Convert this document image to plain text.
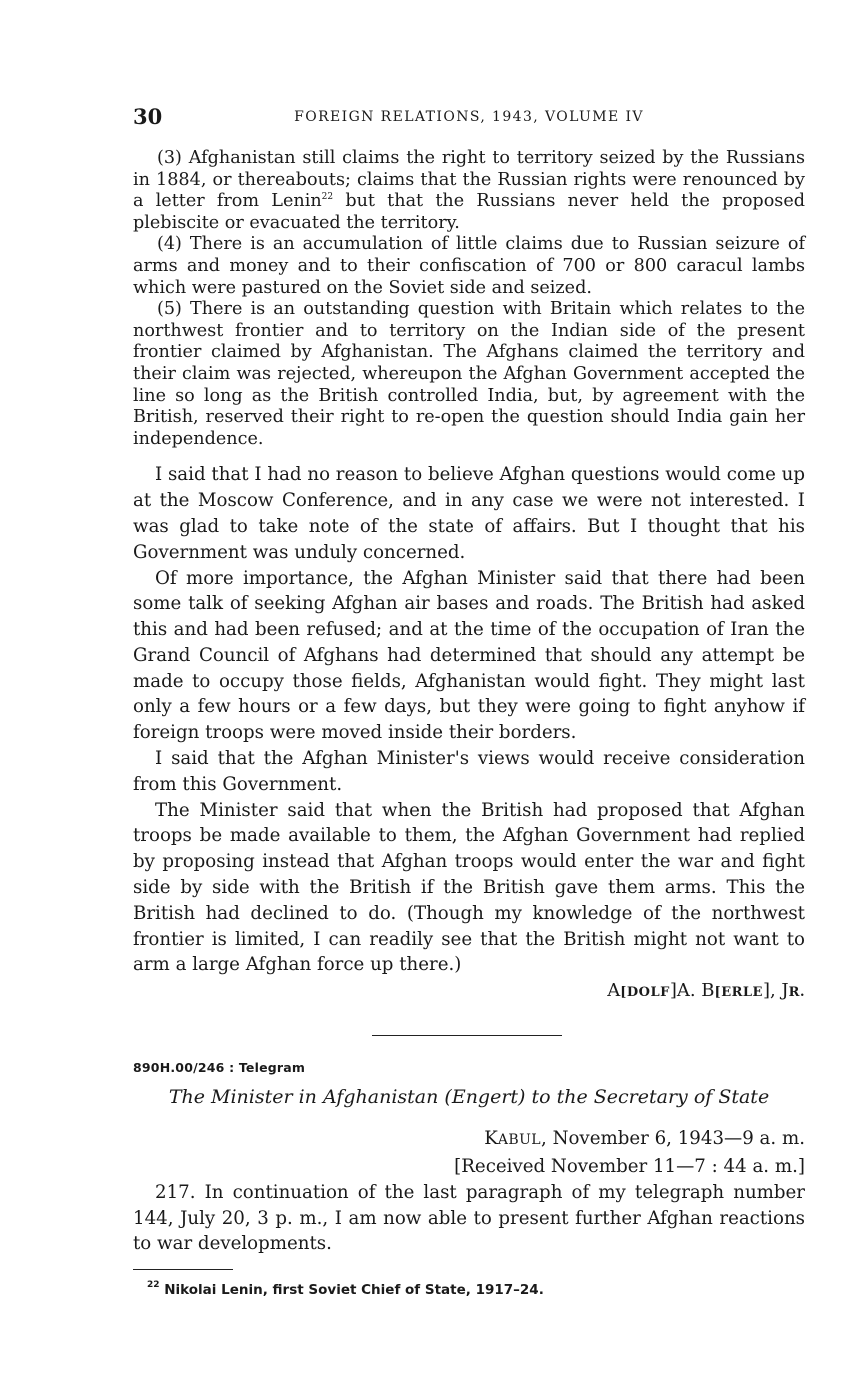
30	FOREIGN RELATIONS, 1943, VOLUME IV

(3) Afghanistan still claims the right to territory seized by the Russians in 1884, or thereabouts; claims that the Russian rights were renounced by a letter from Lenin$^{22}$ but that the Russians never held the proposed plebiscite or evacuated the territory.

(4) There is an accumulation of little claims due to Russian seizure of arms and money and to their confiscation of 700 or 800 caracul lambs which were pastured on the Soviet side and seized.

(5) There is an outstanding question with Britain which relates to the northwest frontier and to territory on the Indian side of the present frontier claimed by Afghanistan. The Afghans claimed the territory and their claim was rejected, whereupon the Afghan Government accepted the line so long as the British controlled India, but, by agreement with the British, reserved their right to re-open the question should India gain her independence.

I said that I had no reason to believe Afghan questions would come up at the Moscow Conference, and in any case we were not interested. I was glad to take note of the state of affairs. But I thought that his Government was unduly concerned.

Of more importance, the Afghan Minister said that there had been some talk of seeking Afghan air bases and roads. The British had asked this and had been refused; and at the time of the occupation of Iran the Grand Council of Afghans had determined that should any attempt be made to occupy those fields, Afghanistan would fight. They might last only a few hours or a few days, but they were going to fight anyhow if foreign troops were moved inside their borders.

I said that the Afghan Minister's views would receive consideration from this Government.

The Minister said that when the British had proposed that Afghan troops be made available to them, the Afghan Government had replied by proposing instead that Afghan troops would enter the war and fight side by side with the British if the British gave them arms. This the British had declined to do. (Though my knowledge of the northwest frontier is limited, I can readily see that the British might not want to arm a large Afghan force up there.)

A[DOLF]A. B[ERLE], JR.
890H.00/246 : Telegram
The Minister in Afghanistan (Engert) to the Secretary of State
KABUL, November 6, 1943—9 a. m.
[Received November 11—7 : 44 a. m.]

217. In continuation of the last paragraph of my telegraph number 144, July 20, 3 p. m., I am now able to present further Afghan reactions to war developments.

$^{22}$ Nikolai Lenin, first Soviet Chief of State, 1917–24.
